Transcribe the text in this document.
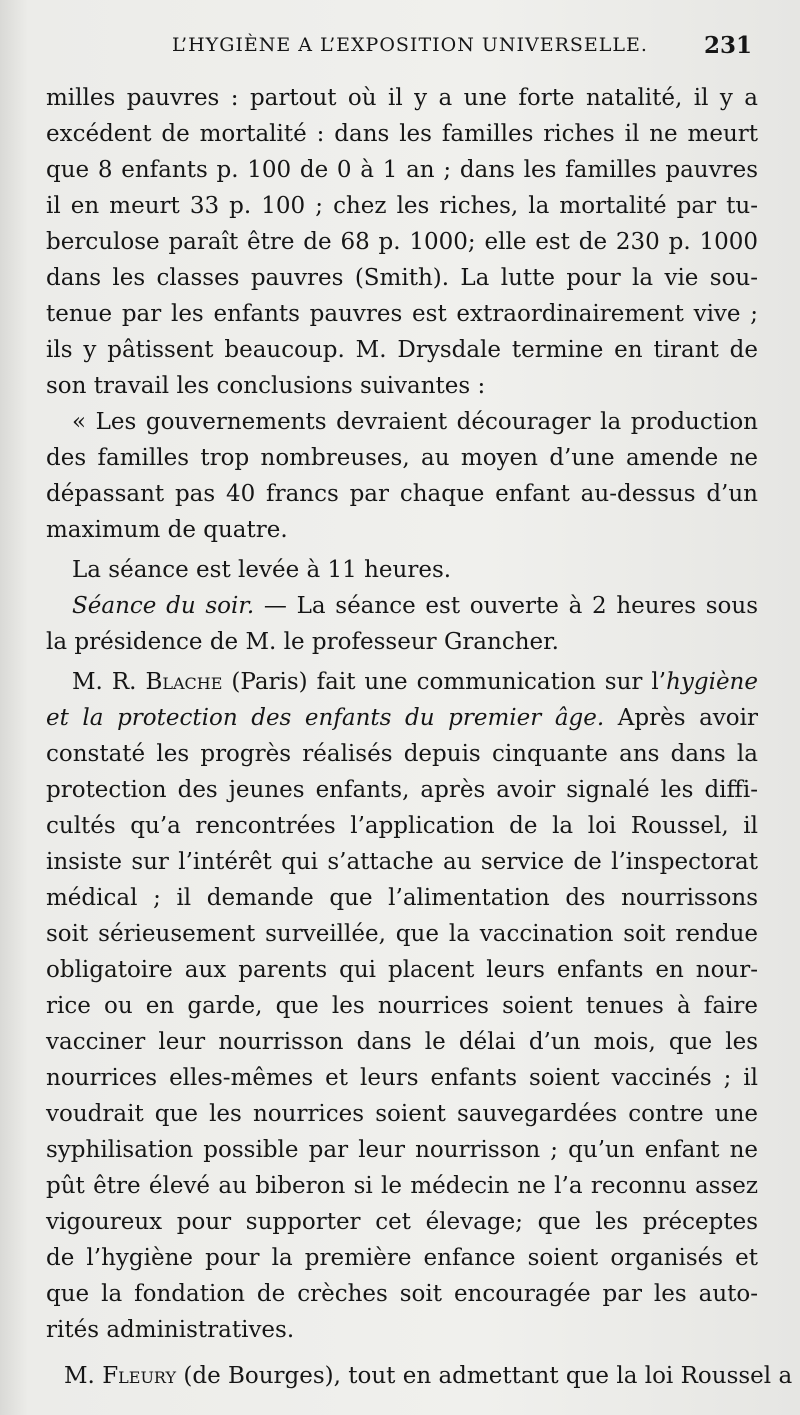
L’HYGIÈNE A L’EXPOSITION UNIVERSELLE. 231
milles pauvres : partout où il y a une forte natalité, il y a
excédent de mortalité : dans les familles riches il ne meurt
que 8 enfants p. 100 de 0 à 1 an ; dans les familles pauvres
il en meurt 33 p. 100 ; chez les riches, la mortalité par tu-
berculose paraît être de 68 p. 1000; elle est de 230 p. 1000
dans les classes pauvres (Smith). La lutte pour la vie sou-
tenue par les enfants pauvres est extraordinairement vive ;
ils y pâtissent beaucoup. M. Drysdale termine en tirant de
son travail les conclusions suivantes :
« Les gouvernements devraient décourager la production
des familles trop nombreuses, au moyen d’une amende ne
dépassant pas 40 francs par chaque enfant au-dessus d’un
maximum de quatre.
La séance est levée à 11 heures.
Séance du soir. — La séance est ouverte à 2 heures sous
la présidence de M. le professeur Grancher.
M. R. Blache (Paris) fait une communication sur l’hygiène
et la protection des enfants du premier âge. Après avoir
constaté les progrès réalisés depuis cinquante ans dans la
protection des jeunes enfants, après avoir signalé les diffi-
cultés qu’a rencontrées l’application de la loi Roussel, il
insiste sur l’intérêt qui s’attache au service de l’inspectorat
médical ; il demande que l’alimentation des nourrissons
soit sérieusement surveillée, que la vaccination soit rendue
obligatoire aux parents qui placent leurs enfants en nour-
rice ou en garde, que les nourrices soient tenues à faire
vacciner leur nourrisson dans le délai d’un mois, que les
nourrices elles-mêmes et leurs enfants soient vaccinés ; il
voudrait que les nourrices soient sauvegardées contre une
syphilisation possible par leur nourrisson ; qu’un enfant ne
pût être élevé au biberon si le médecin ne l’a reconnu assez
vigoureux pour supporter cet élevage; que les préceptes
de l’hygiène pour la première enfance soient organisés et
que la fondation de crèches soit encouragée par les auto-
rités administratives.
M. Fleury (de Bourges), tout en admettant que la loi Roussel a
